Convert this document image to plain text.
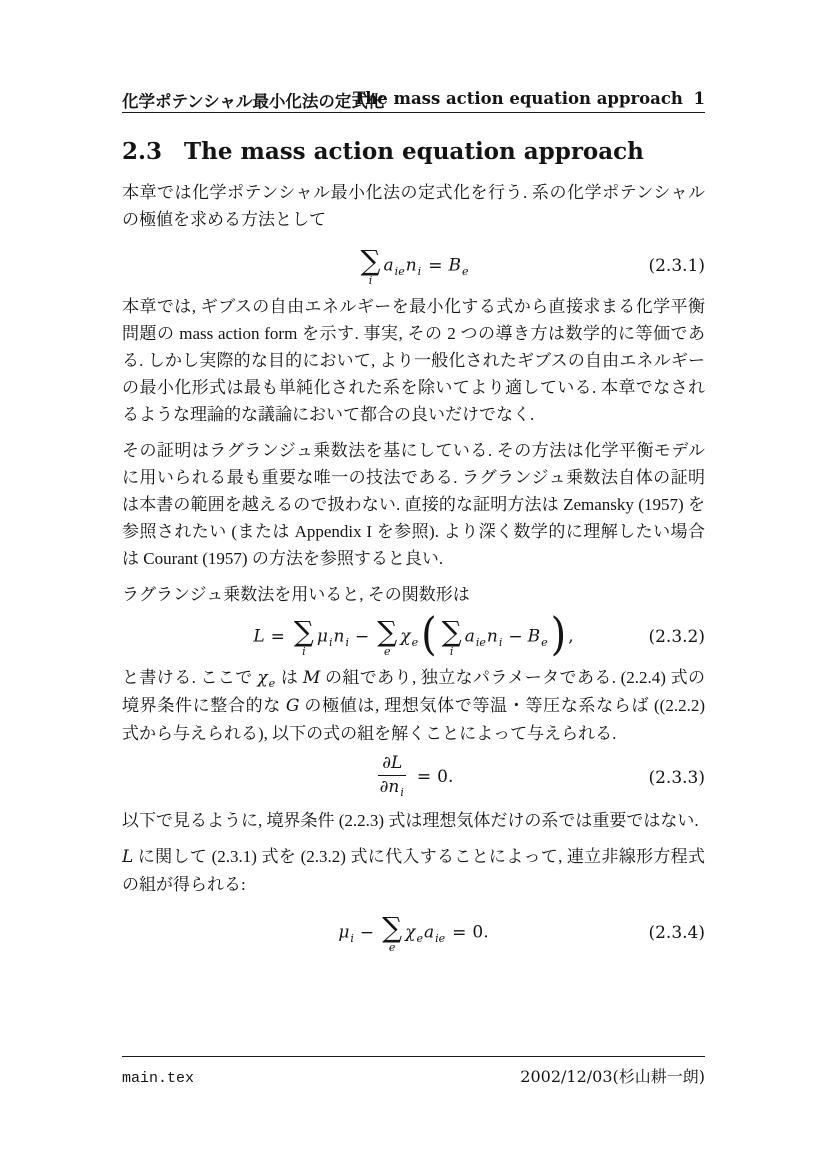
化学ポテンシャル最小化法の定式化
The mass action equation approach 1
2.3 The mass action equation approach

本章では化学ポテンシャル最小化法の定式化を行う. 系の化学ポテンシャルの極値を求める方法として

∑
i
$a_{ie}n_i = B_e$	(2.3.1)

本章では, ギブスの自由エネルギーを最小化する式から直接求まる化学平衡問題の mass action form を示す. 事実, その 2 つの導き方は数学的に等価である. しかし実際的な目的において, より一般化されたギブスの自由エネルギーの最小化形式は最も単純化された系を除いてより適している. 本章でなされるような理論的な議論において都合の良いだけでなく.

その証明はラグランジュ乗数法を基にしている. その方法は化学平衡モデルに用いられる最も重要な唯一の技法である. ラグランジュ乗数法自体の証明は本書の範囲を越えるので扱わない. 直接的な証明方法は Zemansky (1957) を参照されたい (または Appendix I を参照). より深く数学的に理解したい場合は Courant (1957) の方法を参照すると良い.

ラグランジュ乗数法を用いると, その関数形は

L = ∑
i
$\mu_in_i$ − ∑
e
$\chi_e$( ∑
i
$a_{ie}n_i - B_e$) ,	(2.3.2)

と書ける. ここで $\chi_e$ は M の組であり, 独立なパラメータである. (2.2.4) 式の境界条件に整合的な G の極値は, 理想気体で等温・等圧な系ならば ((2.2.2) 式から与えられる), 以下の式の組を解くことによって与えられる.

$\frac{\partial L}{\partial n_i} = 0$.	(2.3.3)

以下で見るように, 境界条件 (2.2.3) 式は理想気体だけの系では重要ではない.

L に関して (2.3.1) 式を (2.3.2) 式に代入することによって, 連立非線形方程式の組が得られる:

$\mu_i$ − ∑
e
$\chi_ea_{ie} = 0$.	(2.3.4)
main.tex	2002/12/03(杉山耕一朗)
